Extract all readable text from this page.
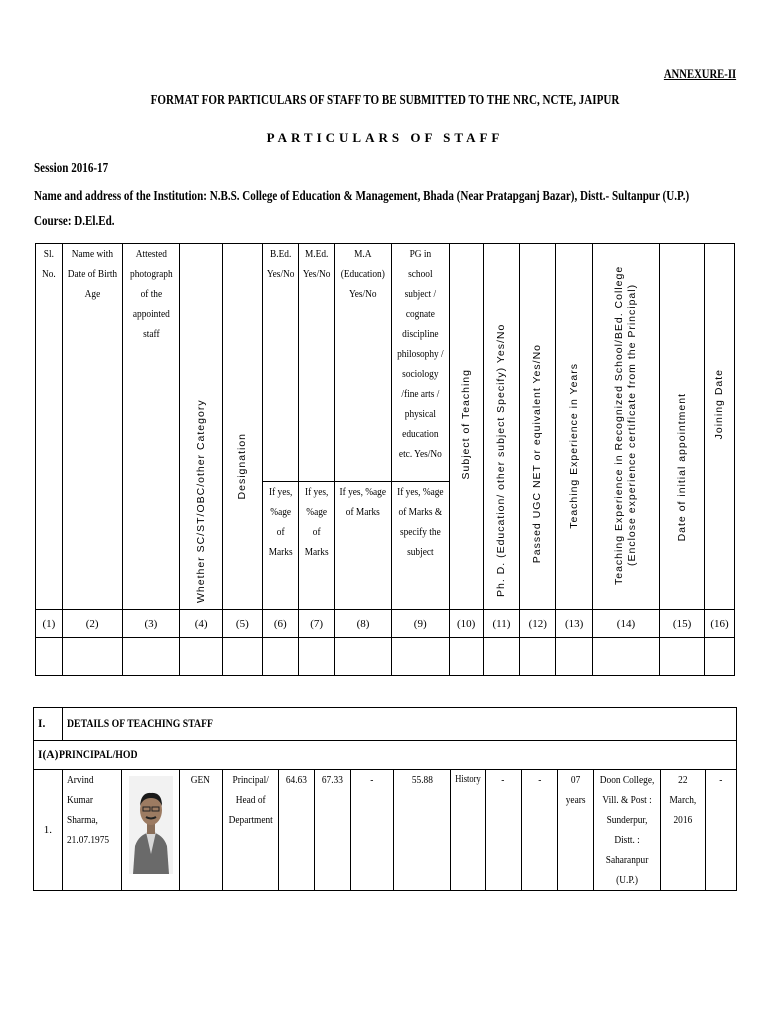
ANNEXURE-II
FORMAT FOR PARTICULARS OF STAFF TO BE SUBMITTED TO THE NRC, NCTE, JAIPUR
PARTICULARS OF STAFF
Session 2016-17
Name and address of the Institution: N.B.S. College of Education & Management, Bhada (Near Pratapganj Bazar), Distt.- Sultanpur (U.P.)
Course: D.El.Ed.
Sl. No.	Name with Date of Birth Age	Attested photograph of the appointed staff	Whether SC/ST/OBC/other Category	Designation	B.Ed. Yes/No	M.Ed. Yes/No	M.A (Education) Yes/No	PG in school subject / cognate discipline philosophy / sociology /fine arts / physical education etc. Yes/No	Subject of Teaching	Ph. D. (Education/ other subject Specify) Yes/No	Passed UGC NET or equivalent Yes/No	Teaching Experience in Years	Teaching Experience in Recognized School/BEd. College (Enclose experience certificate from the Principal)	Date of initial appointment	Joining Date

					If yes, %age of Marks	If yes, %age of Marks	If yes, %age of Marks	If yes, %age of Marks & specify the subject							
(1)	(2)	(3)	(4)	(5)	(6)	(7)	(8)	(9)	(10)	(11)	(12)	(13)	(14)	(15)	(16)

I.	DETAILS OF TEACHING STAFF														
I(A) PRINCIPAL/HOD															
1.	Arvind Kumar Sharma, 21.07.1975		GEN	Principal/ Head of Department	64.63	67.33	-	55.88	History	-	-	07 years	Doon College, Vill. & Post : Sunderpur, Distt. : Saharanpur (U.P.)	22 March, 2016	-
